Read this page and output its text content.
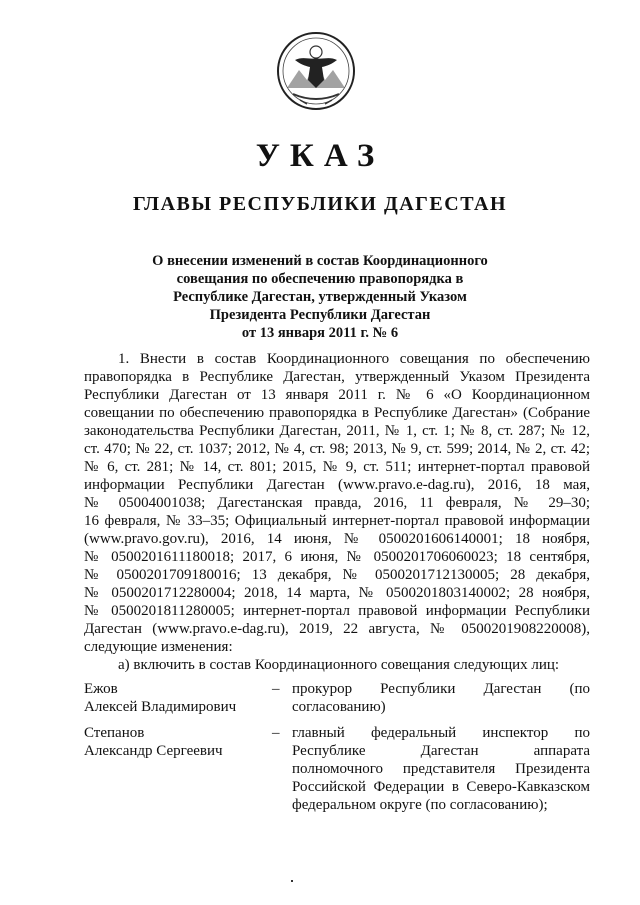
УКАЗ
ГЛАВЫ РЕСПУБЛИКИ ДАГЕСТАН
О внесении изменений в состав Координационного
совещания по обеспечению правопорядка в
Республике Дагестан, утвержденный Указом
Президента Республики Дагестан
от 13 января 2011 г. № 6
1. Внести в состав Координационного совещания по обеспечению
правопорядка в Республике Дагестан, утвержденный Указом Президента
Республики Дагестан от 13 января 2011 г. № 6 «О Координационном
совещании по обеспечению правопорядка в Республике Дагестан» (Собрание
законодательства Республики Дагестан, 2011, № 1, ст. 1; № 8, ст. 287; № 12,
ст. 470; № 22, ст. 1037; 2012, № 4, ст. 98; 2013, № 9, ст. 599; 2014, № 2, ст. 42;
№ 6, ст. 281; № 14, ст. 801; 2015, № 9, ст. 511; интернет-портал правовой
информации Республики Дагестан (www.pravo.e-dag.ru), 2016, 18 мая,
№ 05004001038; Дагестанская правда, 2016, 11 февраля, № 29–30;
16 февраля, № 33–35; Официальный интернет-портал правовой информации
(www.pravo.gov.ru), 2016, 14 июня, № 0500201606140001; 18 ноября,
№ 0500201611180018; 2017, 6 июня, № 0500201706060023; 18 сентября,
№ 0500201709180016; 13 декабря, № 0500201712130005; 28 декабря,
№ 0500201712280004; 2018, 14 марта, № 0500201803140002; 28 ноября,
№ 0500201811280005; интернет-портал правовой информации Республики
Дагестан (www.pravo.e-dag.ru), 2019, 22 августа, № 0500201908220008),
следующие изменения:
а) включить в состав Координационного совещания следующих лиц:
Ежов
Алексей Владимирович
– прокурор Республики Дагестан (по
согласованию)
Степанов
Александр Сергеевич
– главный федеральный инспектор по
Республике Дагестан аппарата
полномочного представителя Президента
Российской Федерации в Северо-Кавказском
федеральном округе (по согласованию);
